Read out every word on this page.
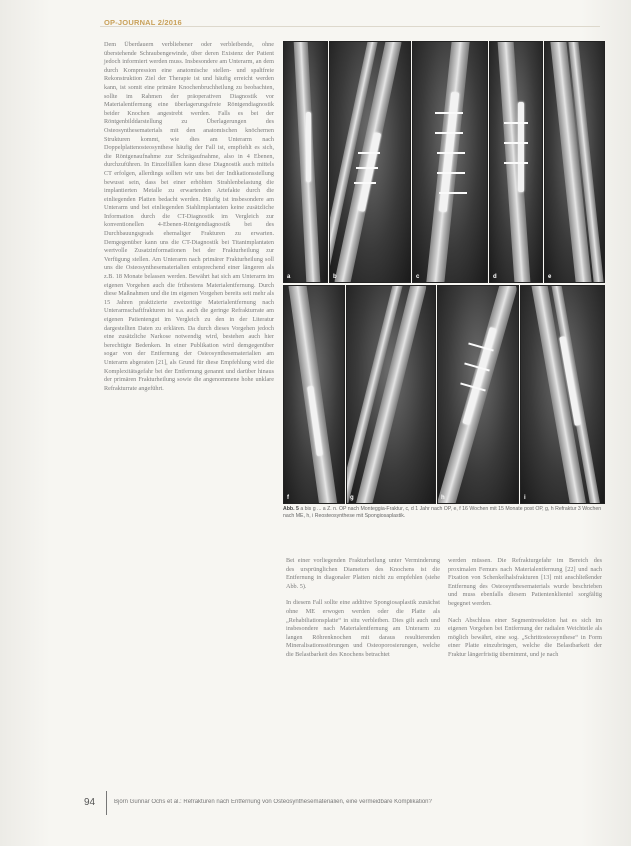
OP-JOURNAL 2/2016

Dem Überdauern verbliebener oder verbleibende, ohne überstehende Schraubengewinde, über deren Existenz der Patient jedoch informiert werden muss. Insbesondere am Unterarm, an dem durch Kompression eine anatomische stellen- und spaltfreie Rekonstruktion Ziel der Therapie ist und häufig erreicht werden kann, ist somit eine primäre Knochenbruchheilung zu beobachten, sollte im Rahmen der präoperativen Diagnostik vor Materialentfernung eine überlagerungsfreie Röntgendiagnostik beider Knochen angestrebt werden. Falls es bei der Röntgenbilddarstellung zu Überlagerungen des Osteosynthesematerials mit den anatomischen knöchernen Strukturen kommt, wie dies am Unterarm nach Doppelplattenosteosynthese häufig der Fall ist, empfiehlt es sich, die Röntgenaufnahme zur Schrägaufnahme, also in 4 Ebenen, durchzuführen. In Einzelfällen kann diese Diagnostik auch mittels CT erfolgen, allerdings sollten wir uns bei der Indikationsstellung bewusst sein, dass bei einer erhöhten Strahlenbelastung die implantierten Metalle zu erwartenden Artefakte durch die einliegenden Platten bedacht werden. Häufig ist insbesondere am Unterarm und bei einliegenden Stahlimplantaten keine zusätzliche Information durch die CT-Diagnostik im Vergleich zur konventionellen 4-Ebenen-Röntgendiagnostik bei des Durchbauungsgrads ehemaliger Frakturen zu erwarten. Demgegenüber kann uns die CT-Diagnostik bei Titanimplantaten wertvolle Zusatzinformationen bei der Frakturheilung zur Verfügung stellen. Am Unterarm nach primärer Frakturheilung soll uns die Osteosynthesematerialien entsprechend einer längeren als z.B. 18 Monate belassen werden. Bewährt hat sich am Unterarm im eigenen Vorgehen auch die frühestens Materialentfernung. Durch diese Maßnahmen und die im eigenen Vorgehen bereits seit mehr als 15 Jahren praktizierte zweizeitige Materialentfernung nach Unterarmschaftfrakturen ist u.a. auch die geringe Refrakturrate am eigenen Patientengut im Vergleich zu den in der Literatur dargestellten Daten zu erklären. Da durch dieses Vorgehen jedoch eine zusätzliche Narkose notwendig wird, bestehen auch hier berechtigte Bedenken. In einer Publikation wird demgegenüber sogar von der Entfernung der Osteosynthesematerialien am Unterarm abgeraten [21], als Grund für diese Empfehlung wird die Komplexitätsgefahr bei der Entfernung genannt und darüber hinaus der primären Frakturheilung sowie die angenommene hohe unklare Refrakturrate angeführt.

a	b	c	d	e
f	g	h	i
Abb. 5 a bis g ... a Z. n. OP nach Monteggia-Fraktur, c, d 1 Jahr nach OP, e, f 16 Wochen mit 15 Monate post OP, g, h Refraktur 3 Wochen nach ME, h, i Reosteosynthese mit Spongiosaplastik.

Bei einer vorliegenden Frakturheilung unter Verminderung des ursprünglichen Diameters des Knochens ist die Entfernung in diagonaler Platten nicht zu empfehlen (siehe Abb. 5).

In diesem Fall sollte eine additive Spongiosaplastik zunächst ohne ME erwogen werden oder die Platte als „Rehabiliationsplatte“ in situ verbleiben. Dies gilt auch und insbesondere nach Materialentfernung am Unterarm zu langen Röhrenknochen mit daraus resultierenden Mineralisationsstörungen und Osteoporosierungen, welche die Belastbarkeit des Knochens betrachtet

werden müssen. Die Refrakturgefahr im Bereich des proximalen Femurs nach Materialentfernung [22] und nach Fixation von Schenkelhalsfrakturen [13] mit anschließender Entfernung des Osteosynthesematerials wurde beschrieben und muss ebenfalls diesem Patientenklientel sorgfältig begegnet werden.

Nach Abschluss einer Segmentresektion hat es sich im eigenen Vorgehen bei Entfernung der radialen Weichteile als möglich bewährt, eine sog. „Schrittosteosynthese“ in Form einer Platte einzubringen, welche die Belastbarkeit der Fraktur längerfristig übernimmt, und je nach

94	Björn Gunnar Ochs et al.: Refrakturen nach Entfernung von Osteosynthesematerialien, eine vermeidbare Komplikation?
